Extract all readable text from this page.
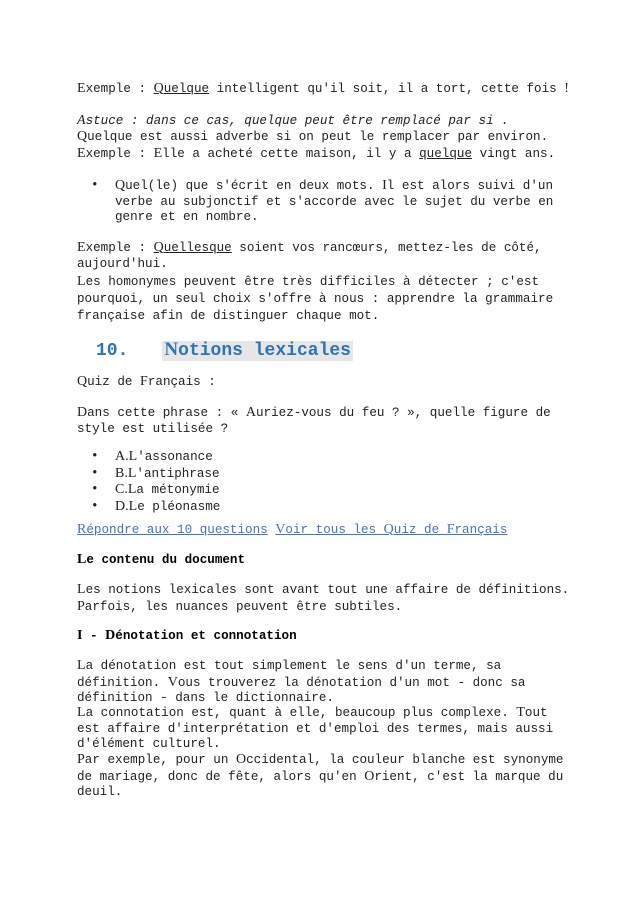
Exemple : Quelque intelligent qu'il soit, il a tort, cette fois !

Astuce : dans ce cas, quelque peut être remplacé par si .

Quelque est aussi adverbe si on peut le remplacer par environ.

Exemple : Elle a acheté cette maison, il y a quelque vingt ans.

• Quel(le) que s'écrit en deux mots. Il est alors suivi d'un verbe au subjonctif et s'accorde avec le sujet du verbe en genre et en nombre.

Exemple : Quellesque soient vos rancœurs, mettez-les de côté, aujourd'hui.

Les homonymes peuvent être très difficiles à détecter ; c'est pourquoi, un seul choix s'offre à nous : apprendre la grammaire française afin de distinguer chaque mot.

10. Notions lexicales

Quiz de Français :

Dans cette phrase : « Auriez-vous du feu ? », quelle figure de style est utilisée ?

• A.L'assonance
• B.L'antiphrase
• C.La métonymie
• D.Le pléonasme

Répondre aux 10 questions Voir tous les Quiz de Français

Le contenu du document

Les notions lexicales sont avant tout une affaire de définitions. Parfois, les nuances peuvent être subtiles.

I - Dénotation et connotation

La dénotation est tout simplement le sens d'un terme, sa définition. Vous trouverez la dénotation d'un mot - donc sa définition - dans le dictionnaire.

La connotation est, quant à elle, beaucoup plus complexe. Tout est affaire d'interprétation et d'emploi des termes, mais aussi d'élément culturel.

Par exemple, pour un Occidental, la couleur blanche est synonyme de mariage, donc de fête, alors qu'en Orient, c'est la marque du deuil.
